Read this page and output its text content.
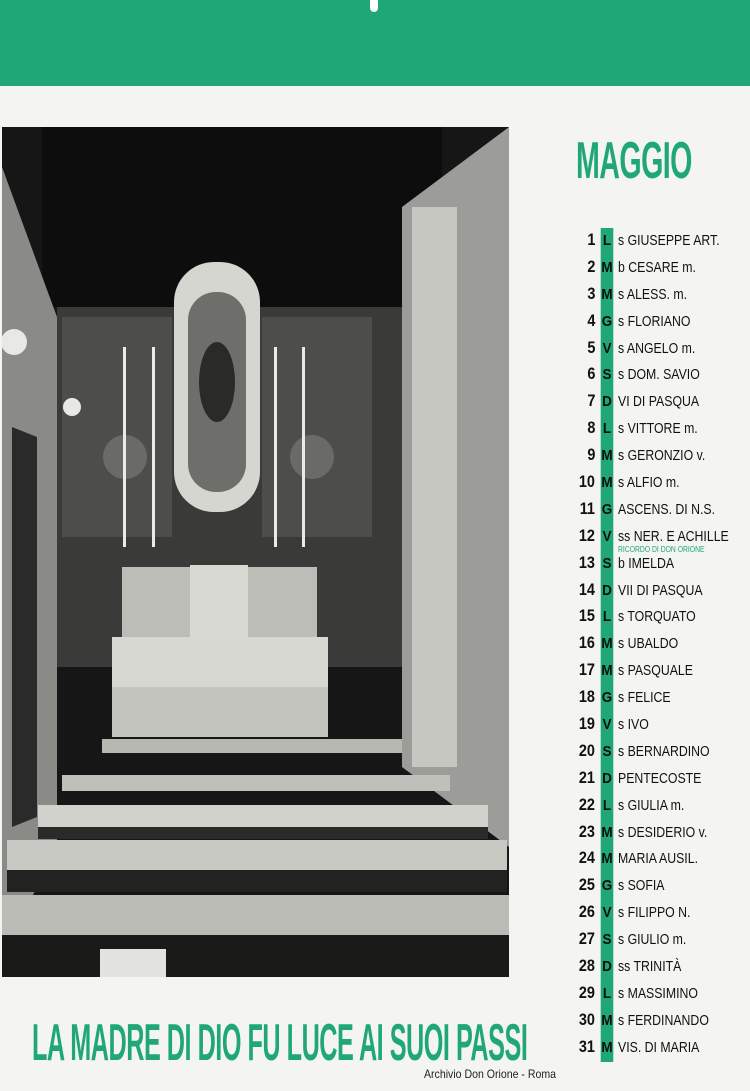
MAGGIO
1 L s GIUSEPPE ART.
2 M b CESARE m.
3 M s ALESS. m.
4 G s FLORIANO
5 V s ANGELO m.
6 S s DOM. SAVIO
7 D VI DI PASQUA
8 L s VITTORE m.
9 M s GERONZIO v.
10 M s ALFIO m.
11 G ASCENS. DI N.S.
12 V ss NER. E ACHILLE
RICORDO DI DON ORIONE
13 S b IMELDA
14 D VII DI PASQUA
15 L s TORQUATO
16 M s UBALDO
17 M s PASQUALE
18 G s FELICE
19 V s IVO
20 S s BERNARDINO
21 D PENTECOSTE
22 L s GIULIA m.
23 M s DESIDERIO v.
24 M MARIA AUSIL.
25 G s SOFIA
26 V s FILIPPO N.
27 S s GIULIO m.
28 D ss TRINITÀ
29 L s MASSIMINO
30 M s FERDINANDO
31 M VIS. DI MARIA
LA MADRE DI DIO FU LUCE AI SUOI PASSI
Archivio Don Orione - Roma
